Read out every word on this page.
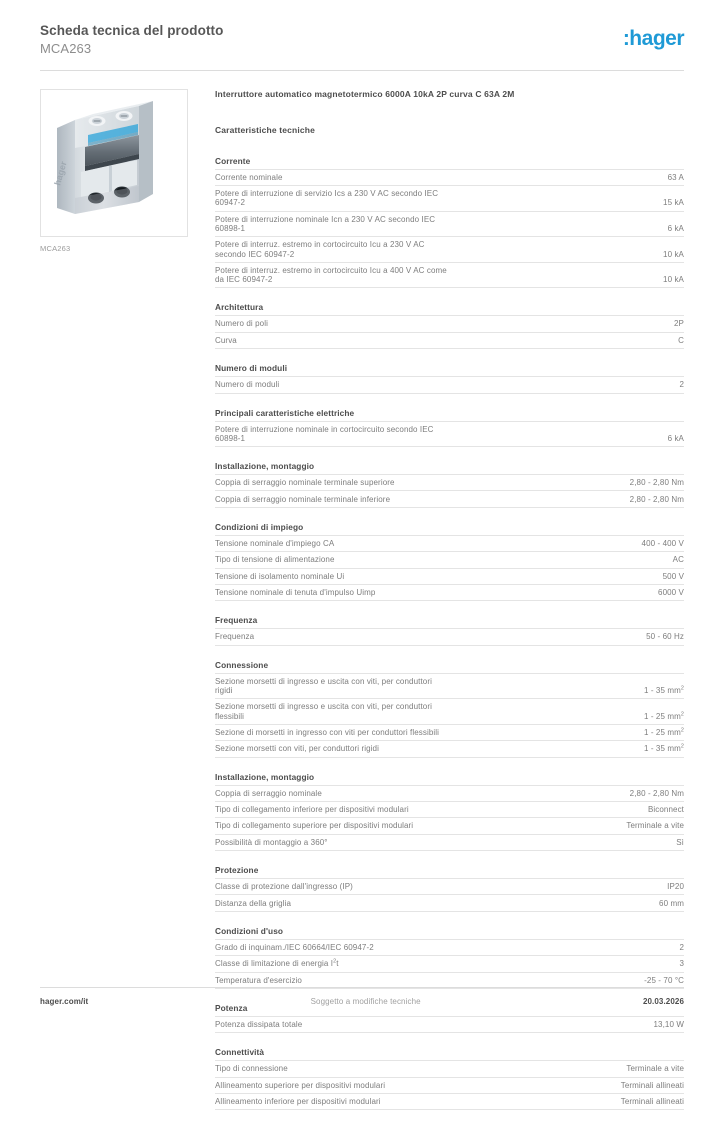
Scheda tecnica del prodotto
MCA263	:hager
hager
MCA263
Interruttore automatico magnetotermico 6000A 10kA 2P curva C 63A 2M
Caratteristiche tecniche
Corrente
Corrente nominale	63 A
Potere di interruzione di servizio Ics a 230 V AC secondo IEC 60947-2	15 kA
Potere di interruzione nominale Icn a 230 V AC secondo IEC 60898-1	6 kA
Potere di interruz. estremo in cortocircuito Icu a 230 V AC secondo IEC 60947-2	10 kA
Potere di interruz. estremo in cortocircuito Icu a 400 V AC come da IEC 60947-2	10 kA
Architettura
Numero di poli	2P
Curva	C
Numero di moduli
Numero di moduli	2
Principali caratteristiche elettriche
Potere di interruzione nominale in cortocircuito secondo IEC 60898-1	6 kA
Installazione, montaggio
Coppia di serraggio nominale terminale superiore	2,80 - 2,80 Nm
Coppia di serraggio nominale terminale inferiore	2,80 - 2,80 Nm
Condizioni di impiego
Tensione nominale d'impiego CA	400 - 400 V
Tipo di tensione di alimentazione	AC
Tensione di isolamento nominale Ui	500 V
Tensione nominale di tenuta d'impulso Uimp	6000 V
Frequenza
Frequenza	50 - 60 Hz
Connessione
Sezione morsetti di ingresso e uscita con viti, per conduttori rigidi	1 - 35 $mm^2$
Sezione morsetti di ingresso e uscita con viti, per conduttori flessibili	1 - 25 $mm^2$
Sezione di morsetti in ingresso con viti per conduttori flessibili	1 - 25 $mm^2$
Sezione morsetti con viti, per conduttori rigidi	1 - 35 $mm^2$
Installazione, montaggio
Coppia di serraggio nominale	2,80 - 2,80 Nm
Tipo di collegamento inferiore per dispositivi modulari	Biconnect
Tipo di collegamento superiore per dispositivi modulari	Terminale a vite
Possibilità di montaggio a 360°	Sì
Protezione
Classe di protezione dall'ingresso (IP)	IP20
Distanza della griglia	60 mm
Condizioni d'uso
Grado di inquinam./IEC 60664/IEC 60947-2	2
Classe di limitazione di energia $I^2t$	3
Temperatura d'esercizio	-25 - 70 °C
Potenza
Potenza dissipata totale	13,10 W
Connettività
Tipo di connessione	Terminale a vite
Allineamento superiore per dispositivi modulari	Terminali allineati
Allineamento inferiore per dispositivi modulari	Terminali allineati
hager.com/it	Soggetto a modifiche tecniche	20.03.2026
